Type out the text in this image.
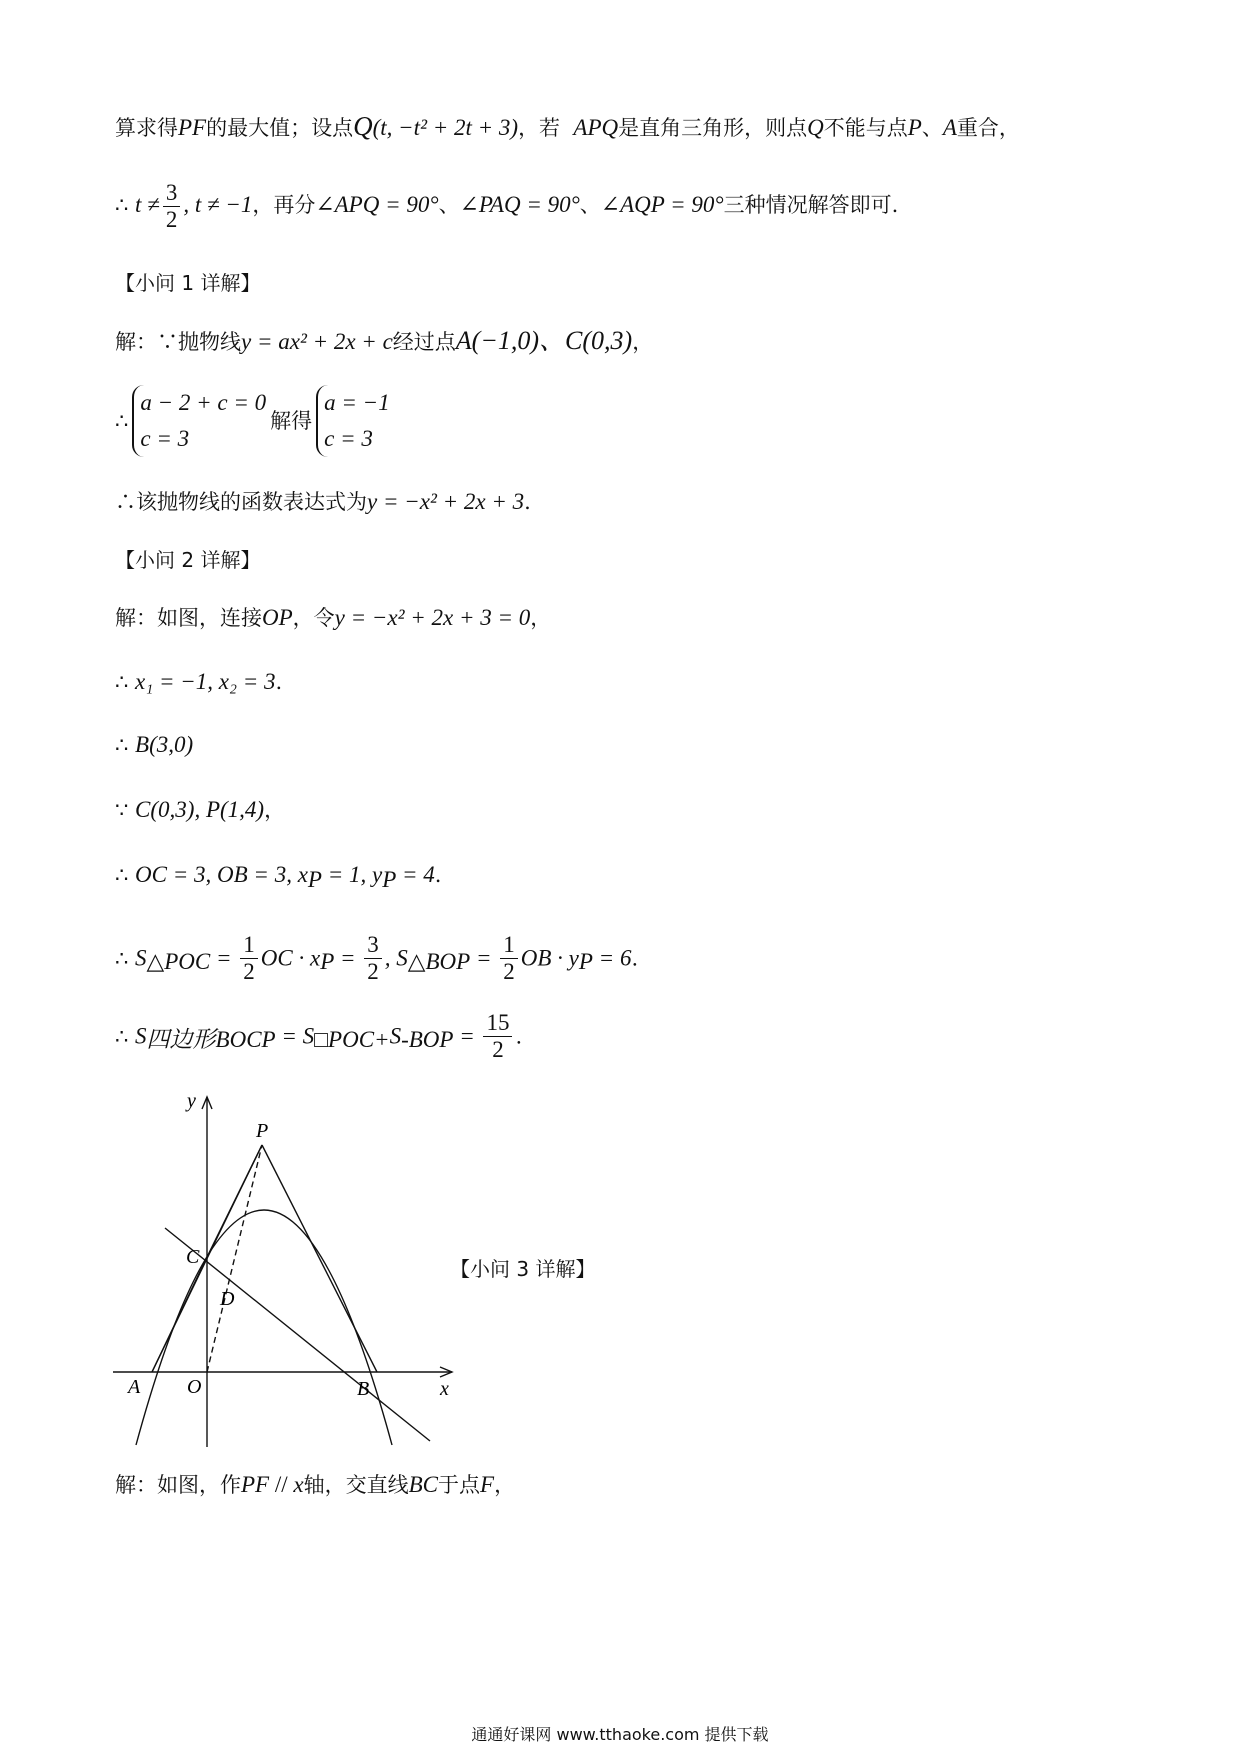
算求得PF的最大值；设点Q(t, −t² + 2t + 3)，若 APQ是直角三角形，则点Q不能与点P、A重合，
∴ $t \ne \frac{3}{2}$ , t ≠ −1，再分∠APQ = 90°、∠PAQ = 90°、∠AQP = 90°三种情况解答即可.
【小问 1 详解】
解：∵抛物线y = ax² + 2x + c经过点A(−1,0)、C(0,3)，
∴
a − 2 + c = 0
c = 3
解得
a = −1
c = 3
∴该抛物线的函数表达式为y = −x² + 2x + 3.
【小问 2 详解】
解：如图，连接OP，令y = −x² + 2x + 3 = 0，
∴ x₁ = −1, x₂ = 3.
∴ B(3,0)
∵ C(0,3), P(1,4)，
∴ OC = 3, OB = 3, $x_P = 1$, $y_P = 4$.
∴ $S_{\triangle POC} = \frac{1}{2}$ OC · $x_P = \frac{3}{2}$ , $S_{\triangle BOP} = \frac{1}{2}$ OB · $y_P = 6$.
∴ $S_{四边形BOCP} = S_{□POC+}S_{-BOP} = \frac{15}{2}$ .
y
P
C
D
A O	B	x
【小问 3 详解】
解：如图，作PF // x轴，交直线BC于点F，
通通好课网 www.tthaoke.com 提供下载
